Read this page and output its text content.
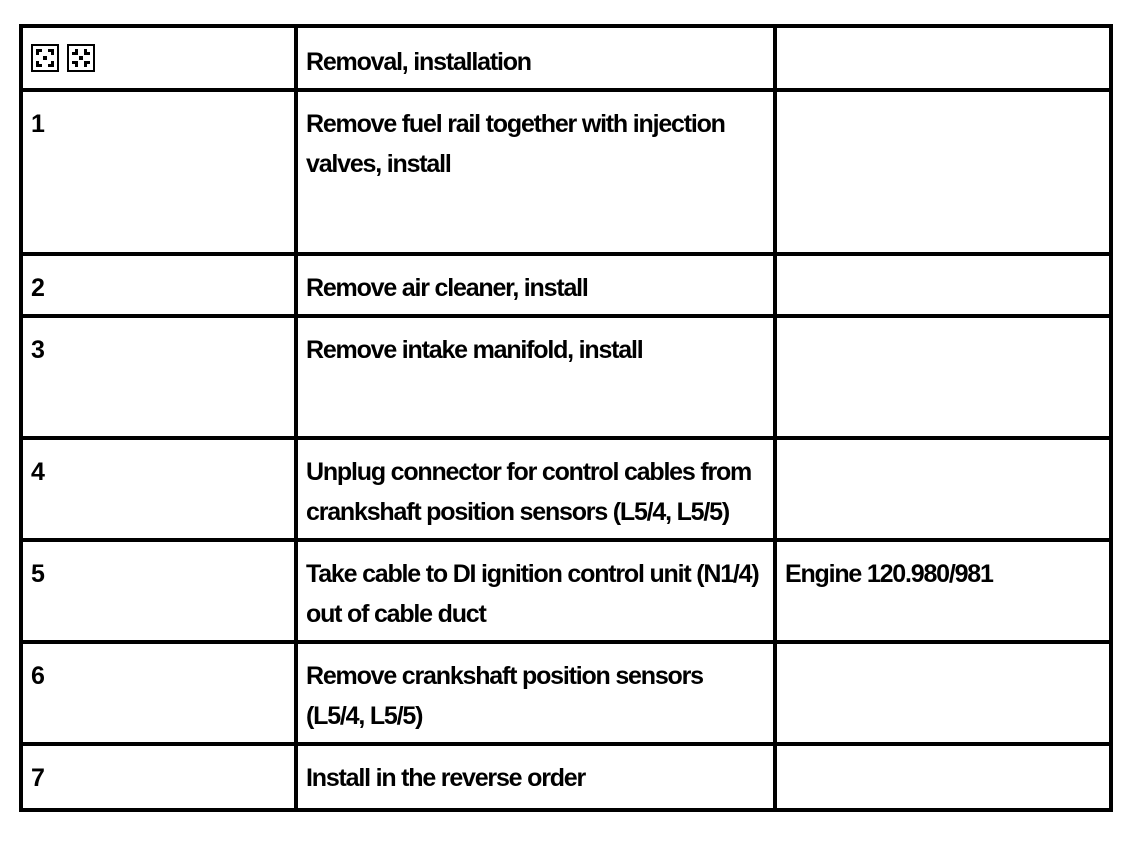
	Removal, installation	
1	Remove fuel rail together with injection valves, install	
2	Remove air cleaner, install	
3	Remove intake manifold, install	
4	Unplug connector for control cables from crankshaft position sensors (L5/4, L5/5)	
5	Take cable to DI ignition control unit (N1/4) out of cable duct	Engine 120.980/981
6	Remove crankshaft position sensors (L5/4, L5/5)	
7	Install in the reverse order	
